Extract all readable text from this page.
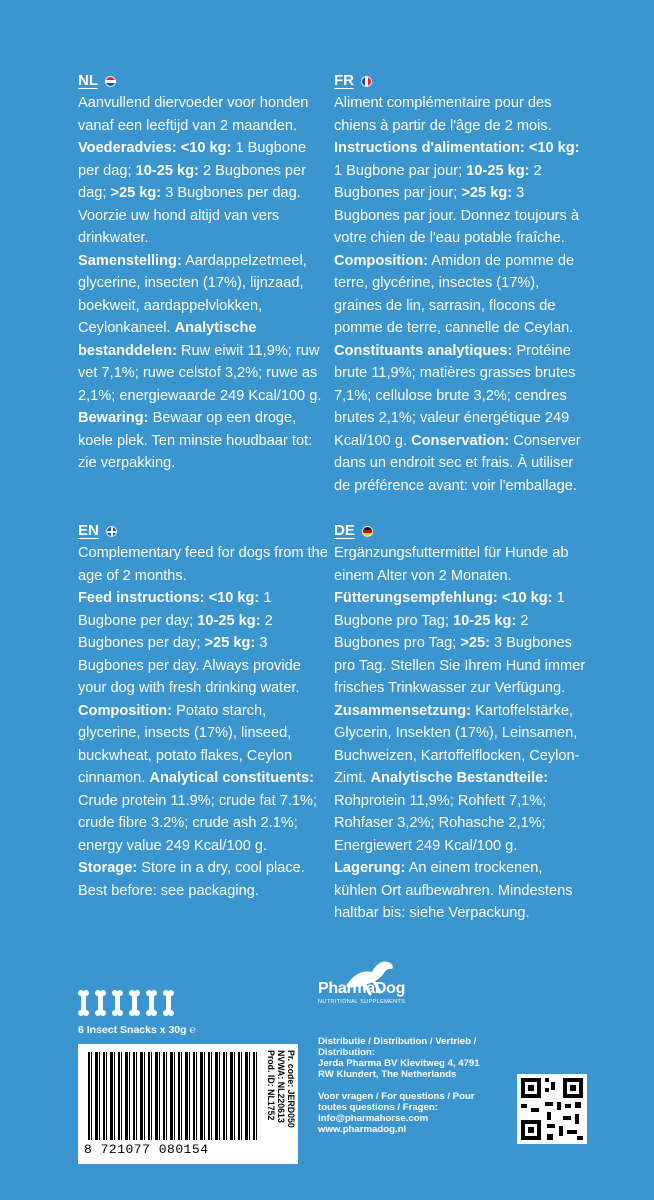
NL

Aanvullend diervoeder voor honden vanaf een leeftijd van 2 maanden.

Voederadvies: <10 kg: 1 Bugbone per dag; 10-25 kg: 2 Bugbones per dag; >25 kg: 3 Bugbones per dag. Voorzie uw hond altijd van vers drinkwater.

Samenstelling: Aardappelzetmeel, glycerine, insecten (17%), lijnzaad, boekweit, aardappelvlokken, Ceylonkaneel. Analytische bestanddelen: Ruw eiwit 11,9%; ruw vet 7,1%; ruwe celstof 3,2%; ruwe as 2,1%; energiewaarde 249 Kcal/100 g.

Bewaring: Bewaar op een droge, koele plek. Ten minste houdbaar tot: zie verpakking.

FR

Aliment complémentaire pour des chiens à partir de l'âge de 2 mois.

Instructions d'alimentation: <10 kg: 1 Bugbone par jour; 10-25 kg: 2 Bugbones par jour; >25 kg: 3 Bugbones par jour. Donnez toujours à votre chien de l'eau potable fraîche.

Composition: Amidon de pomme de terre, glycérine, insectes (17%), graines de lin, sarrasin, flocons de pomme de terre, cannelle de Ceylan. Constituants analytiques: Protéine brute 11,9%; matières grasses brutes 7,1%; cellulose brute 3,2%; cendres brutes 2,1%; valeur énergétique 249 Kcal/100 g. Conservation: Conserver dans un endroit sec et frais. À utiliser de préférence avant: voir l'emballage.

EN

Complementary feed for dogs from the age of 2 months.

Feed instructions: <10 kg: 1 Bugbone per day; 10-25 kg: 2 Bugbones per day; >25 kg: 3 Bugbones per day. Always provide your dog with fresh drinking water. Composition: Potato starch, glycerine, insects (17%), linseed, buckwheat, potato flakes, Ceylon cinnamon. Analytical constituents: Crude protein 11.9%; crude fat 7.1%; crude fibre 3.2%; crude ash 2.1%; energy value 249 Kcal/100 g. Storage: Store in a dry, cool place. Best before: see packaging.

DE

Ergänzungsfuttermittel für Hunde ab einem Alter von 2 Monaten.

Fütterungsempfehlung: <10 kg: 1 Bugbone pro Tag; 10-25 kg: 2 Bugbones pro Tag; >25: 3 Bugbones pro Tag. Stellen Sie Ihrem Hund immer frisches Trinkwasser zur Verfügung. Zusammensetzung: Kartoffelstärke, Glycerin, Insekten (17%), Leinsamen, Buchweizen, Kartoffelflocken, Ceylon-Zimt. Analytische Bestandteile: Rohprotein 11,9%; Rohfett 7,1%; Rohfaser 3,2%; Rohasche 2,1%; Energiewert 249 Kcal/100 g.

Lagerung: An einem trockenen, kühlen Ort aufbewahren. Mindestens haltbar bis: siehe Verpackung.

6 Insect Snacks x 30g ℮
8 721077 080154
Pr. code: JERD050
NVWA: NL220613
Prod. ID: NL1752
PharmaDog
NUTRITIONAL SUPPLEMENTS

Distributie / Distribution / Vertrieb /

Distribution:

Jerda Pharma BV Kievitweg 4, 4791

RW Klundert, The Netherlands

Voor vragen / For questions / Pour

toutes questions / Fragen:

info@pharmahorse.com

www.pharmadog.nl
